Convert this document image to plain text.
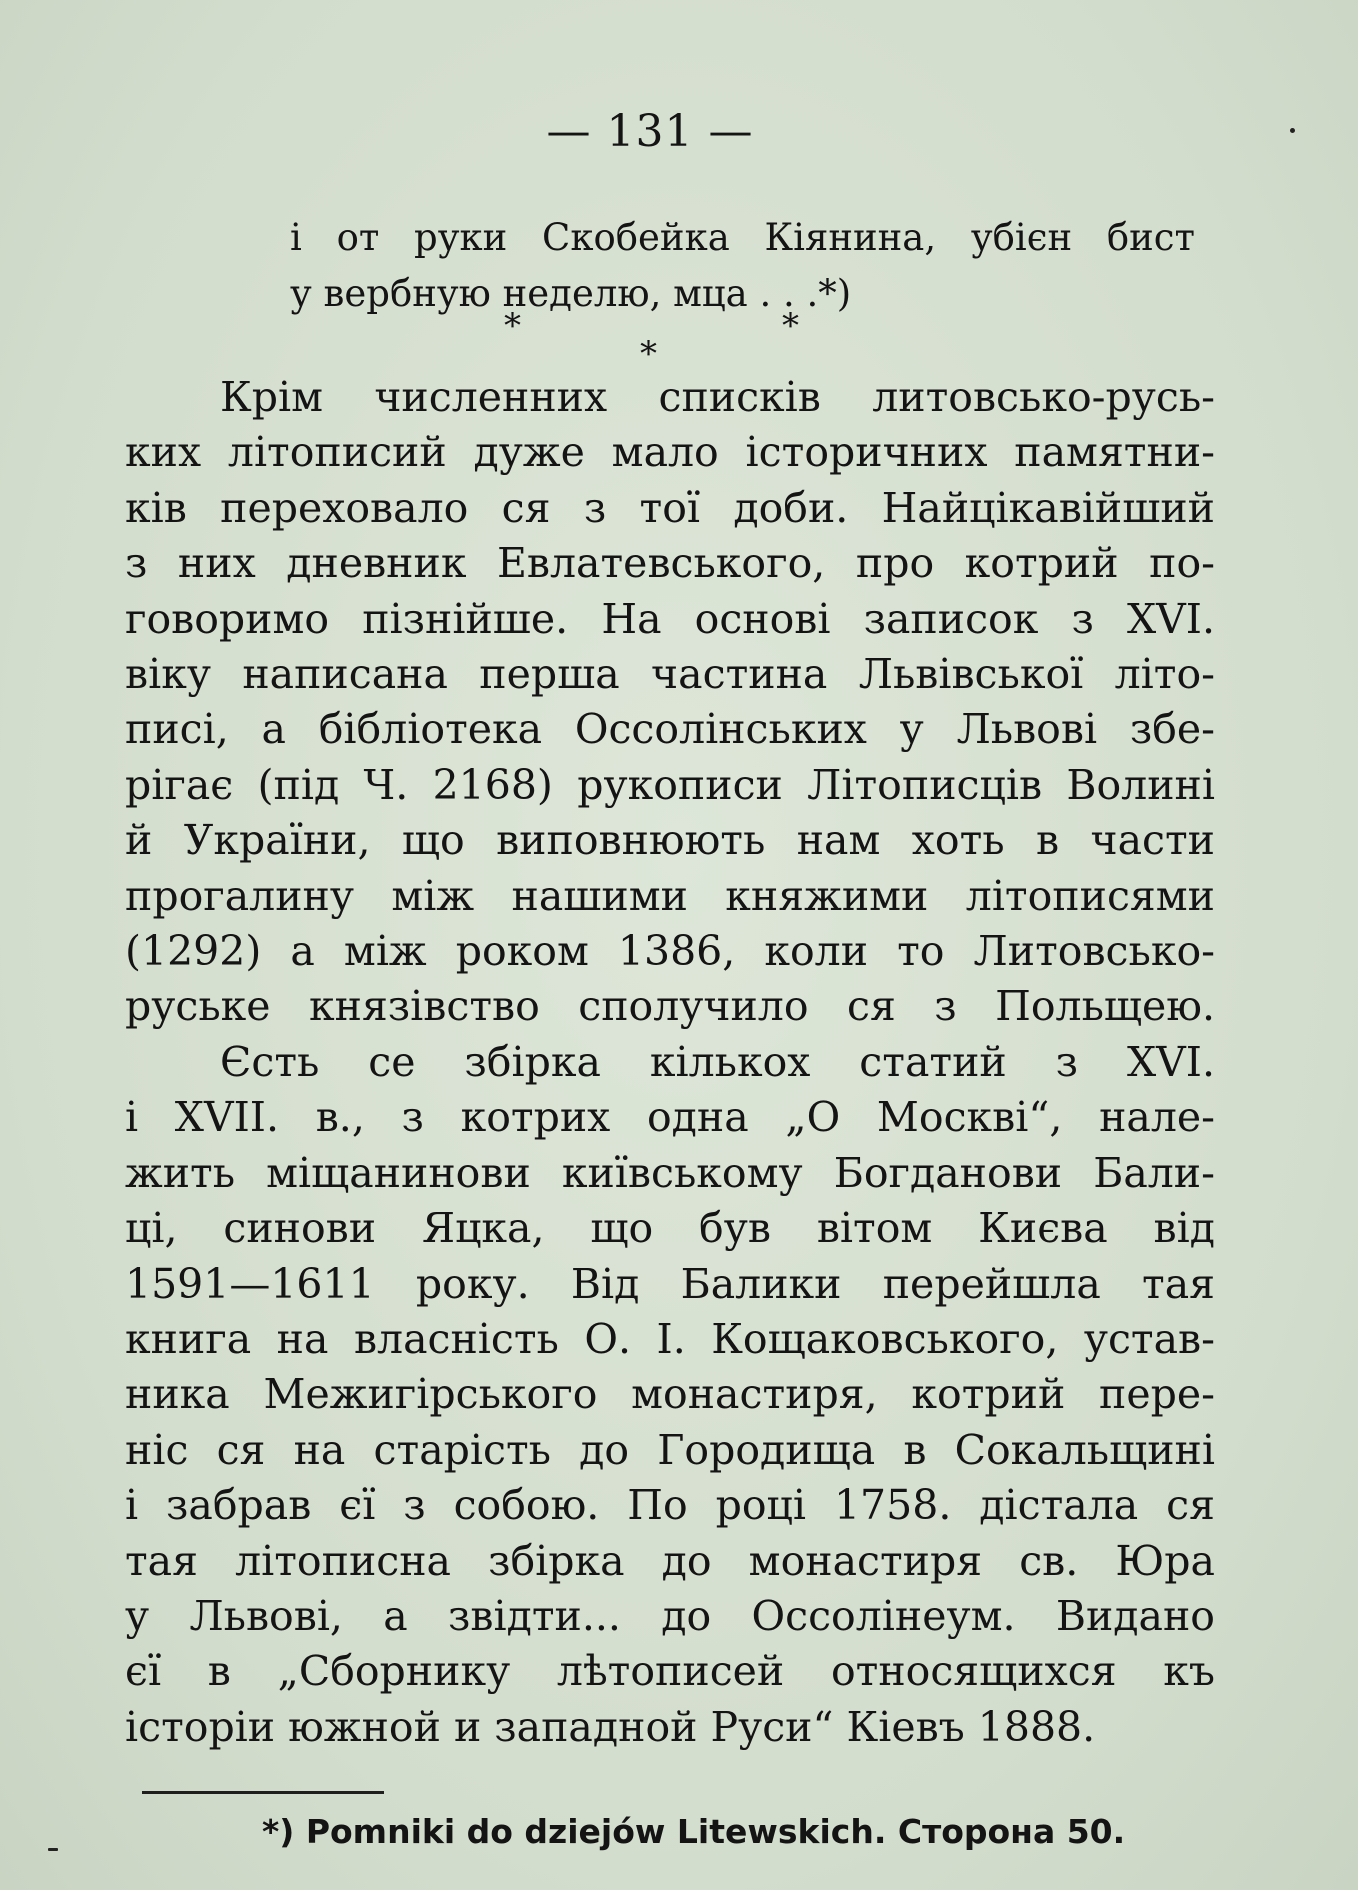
— 131 —
і от руки Скобейка Кіянина, убієн бист
у вербную неделю, мца . . .*)
*
*
*
Крім численних списків литовсько-русь-
ких літописий дуже мало історичних памятни-
ків переховало ся з тої доби. Найцікавійший
з них дневник Евлатевського, про котрий по-
говоримо пізнійше. На основі записок з XVI.
віку написана перша частина Львівської літо-
писі, а бібліотека Оссолінських у Львові збе-
рігає (під Ч. 2168) рукописи Літописців Волині
й України, що виповнюють нам хоть в части
прогалину між нашими княжими літописями
(1292) а між роком 1386, коли то Литовсько-
руське князівство сполучило ся з Польщею.
Єсть се збірка кількох статий з XVI.
і XVII. в., з котрих одна „О Москві“, нале-
жить міщанинови київському Богданови Бали-
ці, синови Яцка, що був вітом Києва від
1591—1611 року. Від Балики перейшла тая
книга на власність О. І. Кощаковського, устав-
ника Межигірського монастиря, котрий пере-
ніс ся на старість до Городища в Сокальщині
і забрав єї з собою. По році 1758. дістала ся
тая літописна збірка до монастиря св. Юра
у Львові, а звідти... до Оссолінеум. Видано
єї в „Сборнику лѣтописей относящихся къ
історіи южной и западной Руси“ Кіевъ 1888.
*) Pomniki do dziejów Litewskich. Сторона 50.
